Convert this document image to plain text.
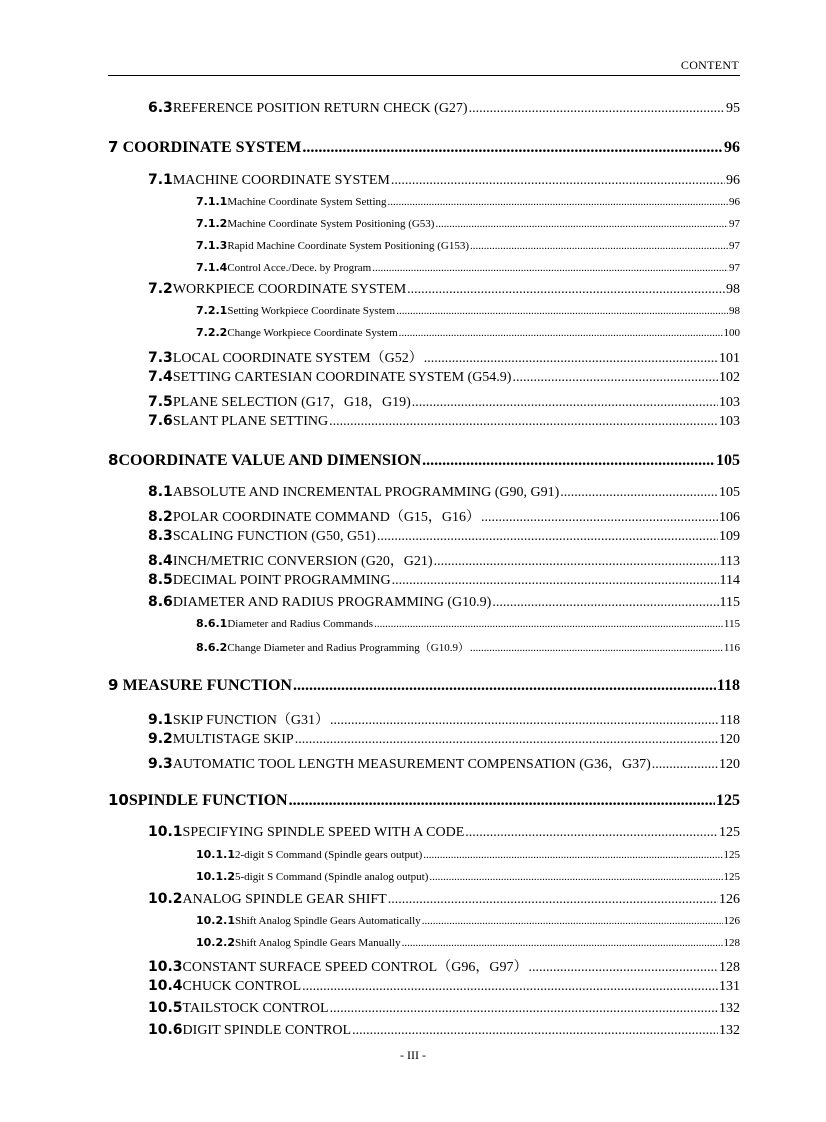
CONTENT
6.3 REFERENCE POSITION RETURN CHECK (G27) .....	95
7 COORDINATE SYSTEM .....	96
7.1 MACHINE COORDINATE SYSTEM .....	96
7.1.1 Machine Coordinate System Setting .....	96
7.1.2 Machine Coordinate System Positioning (G53) .....	97
7.1.3 Rapid Machine Coordinate System Positioning (G153) .....	97
7.1.4 Control Acce./Dece. by Program .....	97
7.2 WORKPIECE COORDINATE SYSTEM .....	98
7.2.1 Setting Workpiece Coordinate System .....	98
7.2.2 Change Workpiece Coordinate System .....	100
7.3 LOCAL COORDINATE SYSTEM（G52） .....	101
7.4 SETTING CARTESIAN COORDINATE SYSTEM (G54.9) .....	102
7.5 PLANE SELECTION (G17，G18，G19) .....	103
7.6 SLANT PLANE SETTING .....	103
8 COORDINATE VALUE AND DIMENSION .....	105
8.1 ABSOLUTE AND INCREMENTAL PROGRAMMING (G90, G91) .....	105
8.2 POLAR COORDINATE COMMAND（G15，G16） .....	106
8.3 SCALING FUNCTION (G50, G51) .....	109
8.4 INCH/METRIC CONVERSION (G20，G21) .....	113
8.5 DECIMAL POINT PROGRAMMING .....	114
8.6 DIAMETER AND RADIUS PROGRAMMING (G10.9) .....	115
8.6.1 Diameter and Radius Commands .....	115
8.6.2 Change Diameter and Radius Programming（G10.9） .....	116
9 MEASURE FUNCTION .....	118
9.1 SKIP FUNCTION（G31） .....	118
9.2 MULTISTAGE SKIP .....	120
9.3 AUTOMATIC TOOL LENGTH MEASUREMENT COMPENSATION (G36，G37) .....	120
10 SPINDLE FUNCTION .....	125
10.1 SPECIFYING SPINDLE SPEED WITH A CODE .....	125
10.1.1 2-digit S Command (Spindle gears output) .....	125
10.1.2 5-digit S Command (Spindle analog output) .....	125
10.2 ANALOG SPINDLE GEAR SHIFT .....	126
10.2.1 Shift Analog Spindle Gears Automatically .....	126
10.2.2 Shift Analog Spindle Gears Manually .....	128
10.3 CONSTANT SURFACE SPEED CONTROL（G96，G97） .....	128
10.4 CHUCK CONTROL .....	131
10.5 TAILSTOCK CONTROL .....	132
10.6 DIGIT SPINDLE CONTROL .....	132
- III -
